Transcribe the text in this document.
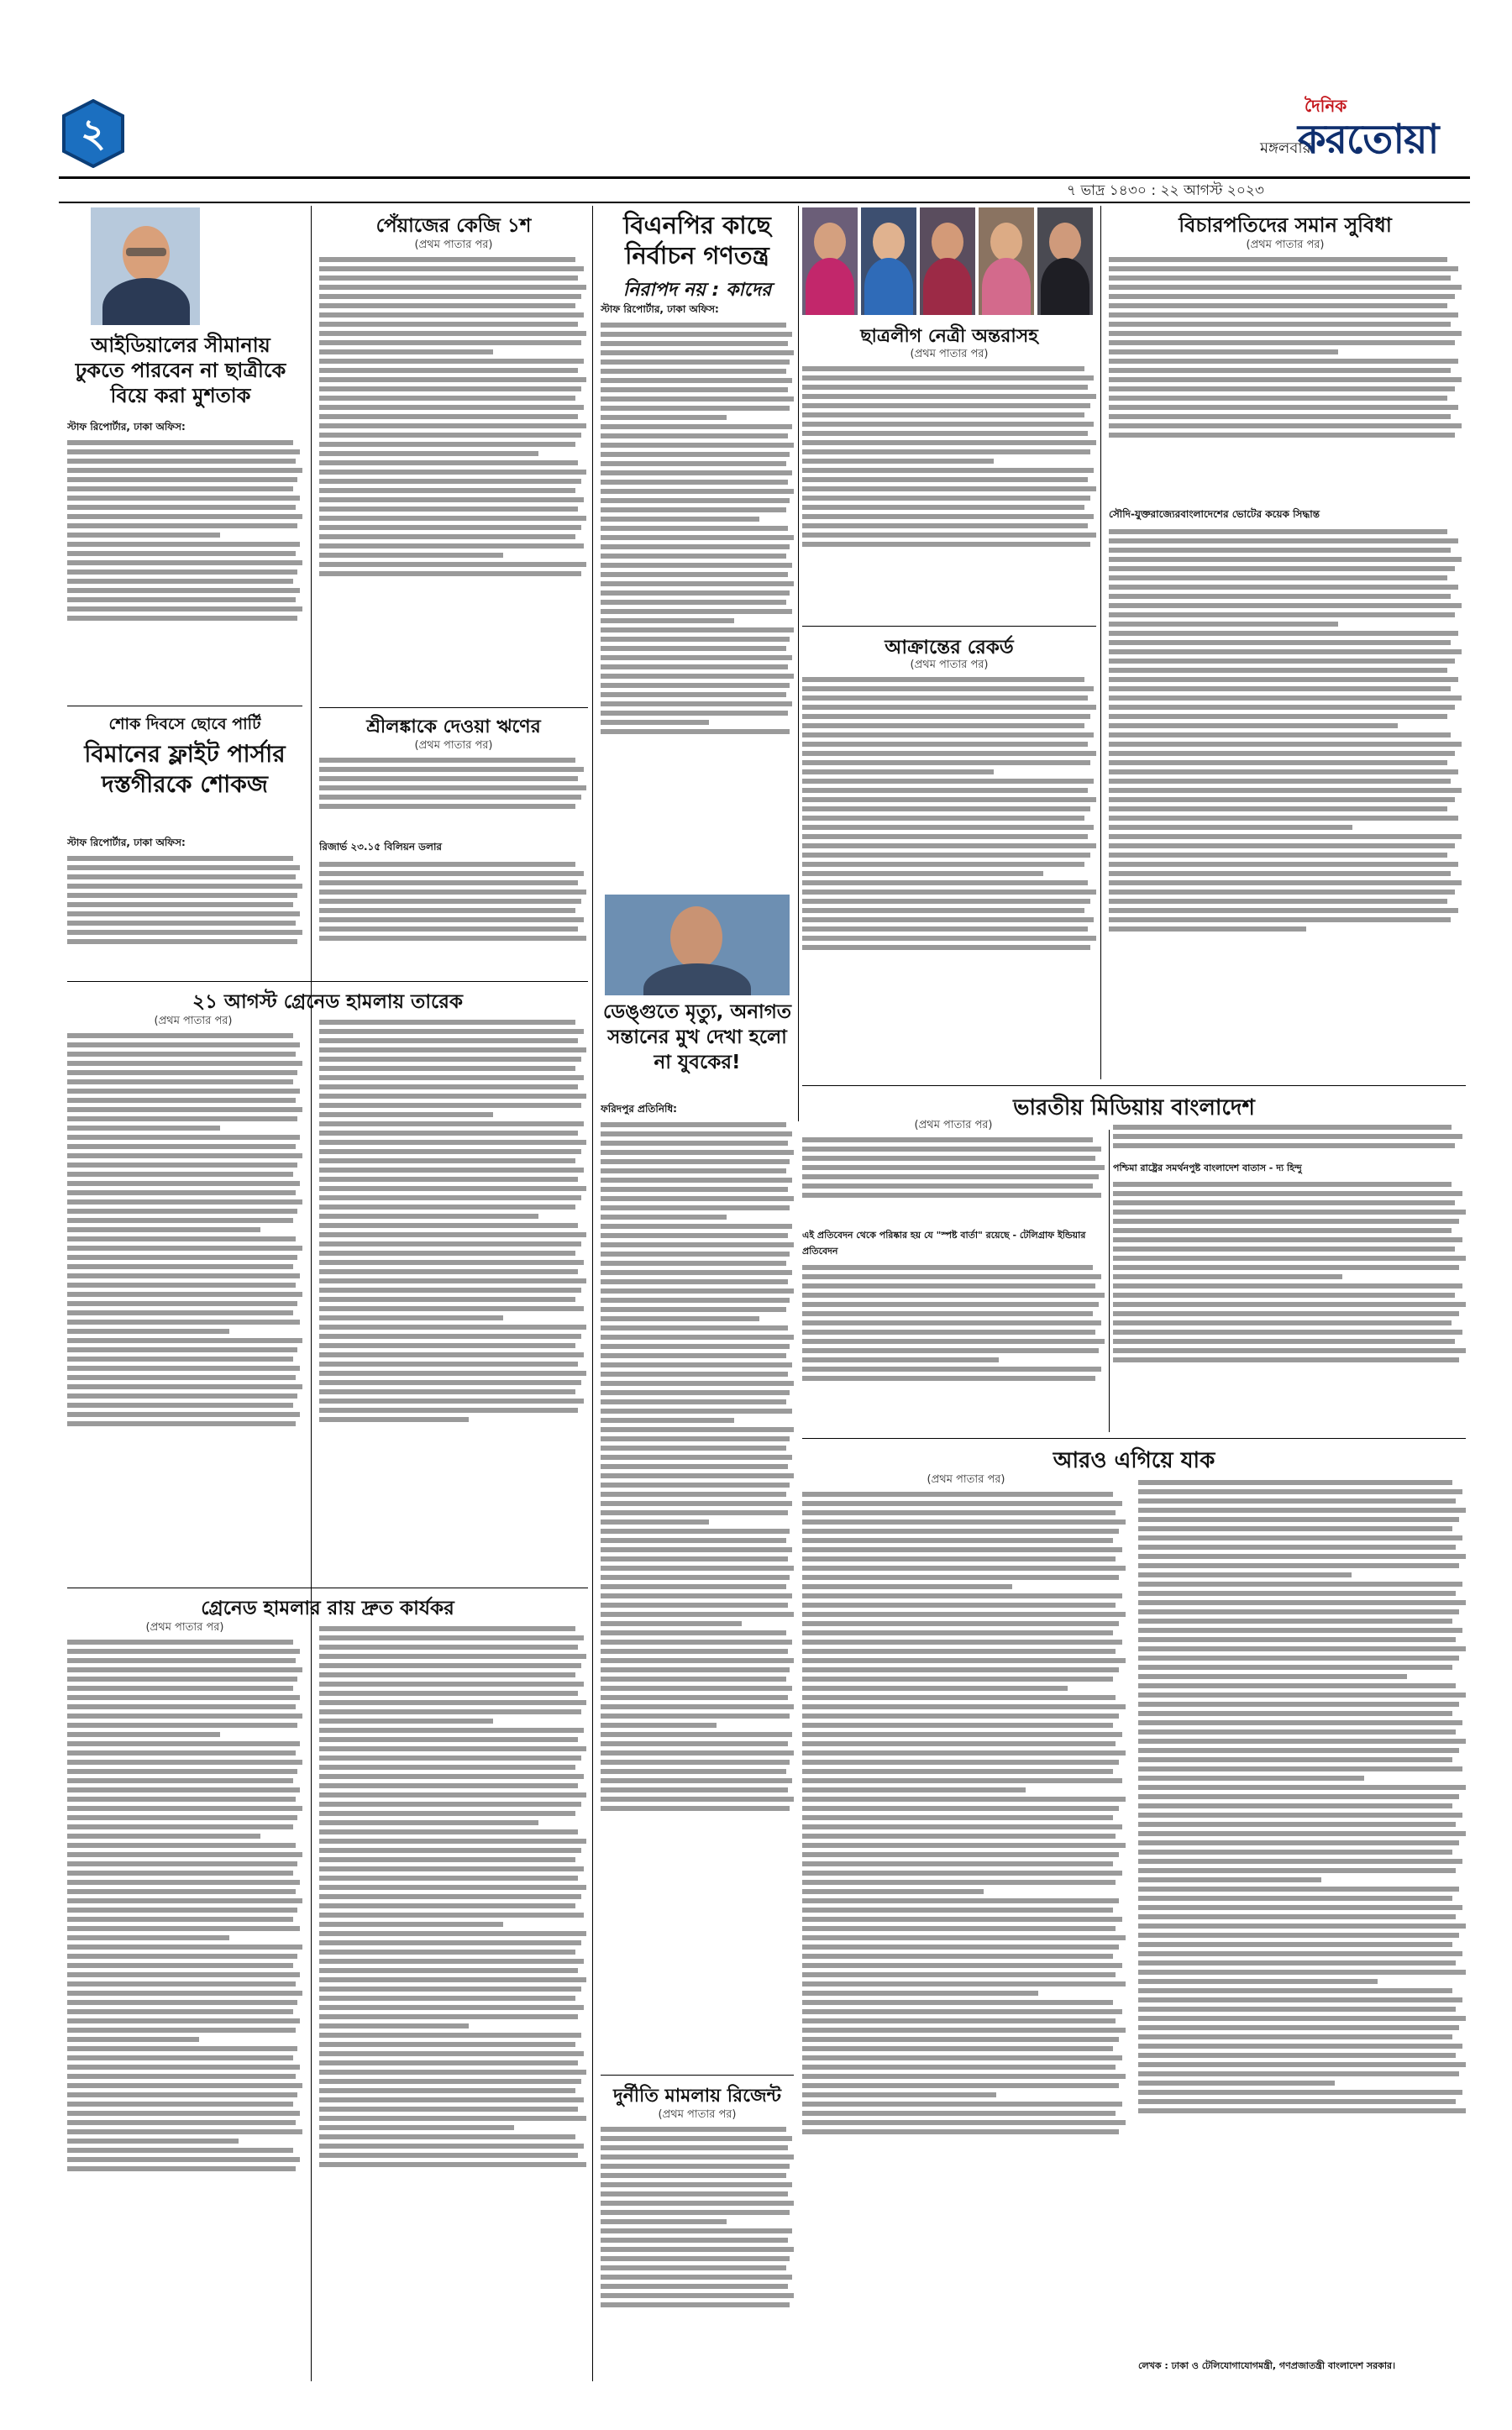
২	মঙ্গলবার
দৈনিক
করতোয়া
৭ ভাদ্র ১৪৩০ : ২২ আগস্ট ২০২৩
আইডিয়ালের সীমানায় ঢুকতে পারবেন না ছাত্রীকে বিয়ে করা মুশতাক
স্টাফ রিপোর্টার, ঢাকা অফিস:
শোক দিবসে ছোবে পার্টি
বিমানের ফ্লাইট পার্সার দস্তগীরকে শোকজ
স্টাফ রিপোর্টার, ঢাকা অফিস:
পেঁয়াজের কেজি ১শ
(প্রথম পাতার পর)
শ্রীলঙ্কাকে দেওয়া ঋণের
(প্রথম পাতার পর)
রিজার্ভ ২৩.১৫ বিলিয়ন ডলার
বিএনপির কাছে নির্বাচন গণতন্ত্র
নিরাপদ নয় : কাদের
স্টাফ রিপোর্টার, ঢাকা অফিস:
ছাত্রলীগ নেত্রী অন্তরাসহ
(প্রথম পাতার পর)
আক্রান্তের রেকর্ড
(প্রথম পাতার পর)
বিচারপতিদের সমান সুবিধা
(প্রথম পাতার পর)
সৌদি-যুক্তরাজ্যেরবাংলাদেশের ভোটের কয়েক সিদ্ধান্ত
ডেঙ্গুতে মৃত্যু, অনাগত সন্তানের মুখ দেখা হলো না যুবকের!
ফরিদপুর প্রতিনিধি:
২১ আগস্ট গ্রেনেড হামলায় তারেক
(প্রথম পাতার পর)
গ্রেনেড হামলার রায় দ্রুত কার্যকর
(প্রথম পাতার পর)
দুর্নীতি মামলায় রিজেন্ট
(প্রথম পাতার পর)
ভারতীয় মিডিয়ায় বাংলাদেশ
(প্রথম পাতার পর)
এই প্রতিবেদন থেকে পরিষ্কার হয় যে "স্পষ্ট বার্তা" রয়েছে - টেলিগ্রাফ ইন্ডিয়ার প্রতিবেদন
পশ্চিমা রাষ্ট্রের সমর্থনপুষ্ট বাংলাদেশ বাতাস - দ্য হিন্দু
আরও এগিয়ে যাক
(প্রথম পাতার পর)
লেখক : ঢাকা ও টেলিযোগাযোগমন্ত্রী, গণপ্রজাতন্ত্রী বাংলাদেশ সরকার।
